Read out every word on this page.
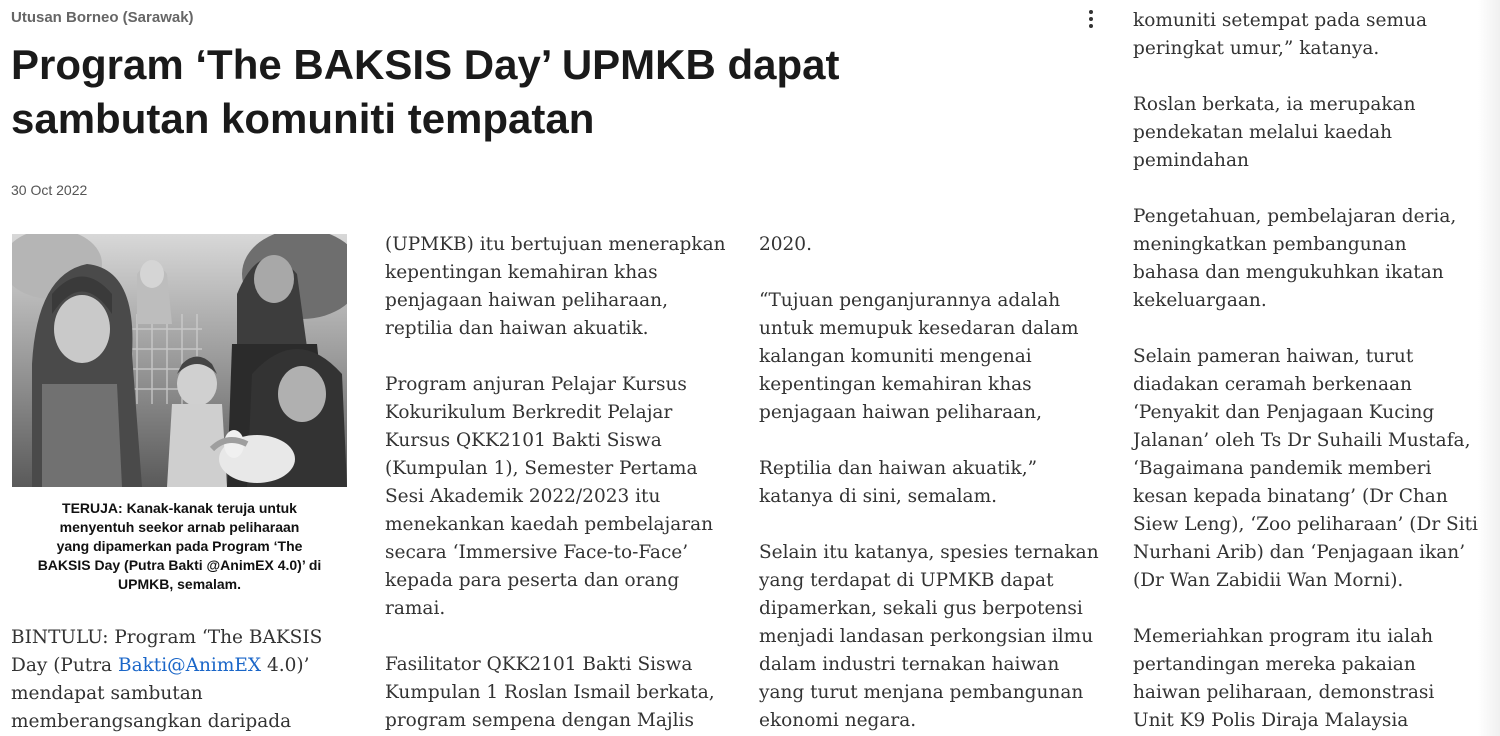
Utusan Borneo (Sarawak)
Program ‘The BAKSIS Day’ UPMKB dapat
sambutan komuniti tempatan
30 Oct 2022

TERUJA: Kanak-kanak teruja untuk
menyentuh seekor arnab peliharaan
yang dipamerkan pada Program ‘The
BAKSIS Day (Putra Bakti @AnimEX 4.0)’ di
UPMKB, semalam.

BINTULU: Program ‘The BAKSIS
Day (Putra Bakti@AnimEX 4.0)’
mendapat sambutan
memberangsangkan daripada

(UPMKB) itu bertujuan menerapkan
kepentingan kemahiran khas
penjagaan haiwan peliharaan,
reptilia dan haiwan akuatik.

Program anjuran Pelajar Kursus
Kokurikulum Berkredit Pelajar
Kursus QKK2101 Bakti Siswa
(Kumpulan 1), Semester Pertama
Sesi Akademik 2022/2023 itu
menekankan kaedah pembelajaran
secara ‘Immersive Face-to-Face’
kepada para peserta dan orang
ramai.

Fasilitator QKK2101 Bakti Siswa
Kumpulan 1 Roslan Ismail berkata,
program sempena dengan Majlis

2020.

“Tujuan penganjurannya adalah
untuk memupuk kesedaran dalam
kalangan komuniti mengenai
kepentingan kemahiran khas
penjagaan haiwan peliharaan,

Reptilia dan haiwan akuatik,”
katanya di sini, semalam.

Selain itu katanya, spesies ternakan
yang terdapat di UPMKB dapat
dipamerkan, sekali gus berpotensi
menjadi landasan perkongsian ilmu
dalam industri ternakan haiwan
yang turut menjana pembangunan
ekonomi negara.

komuniti setempat pada semua
peringkat umur,” katanya.

Roslan berkata, ia merupakan
pendekatan melalui kaedah
pemindahan

Pengetahuan, pembelajaran deria,
meningkatkan pembangunan
bahasa dan mengukuhkan ikatan
kekeluargaan.

Selain pameran haiwan, turut
diadakan ceramah berkenaan
‘Penyakit dan Penjagaan Kucing
Jalanan’ oleh Ts Dr Suhaili Mustafa,
‘Bagaimana pandemik memberi
kesan kepada binatang’ (Dr Chan
Siew Leng), ‘Zoo peliharaan’ (Dr Siti
Nurhani Arib) dan ‘Penjagaan ikan’
(Dr Wan Zabidii Wan Morni).

Memeriahkan program itu ialah
pertandingan mereka pakaian
haiwan peliharaan, demonstrasi
Unit K9 Polis Diraja Malaysia
